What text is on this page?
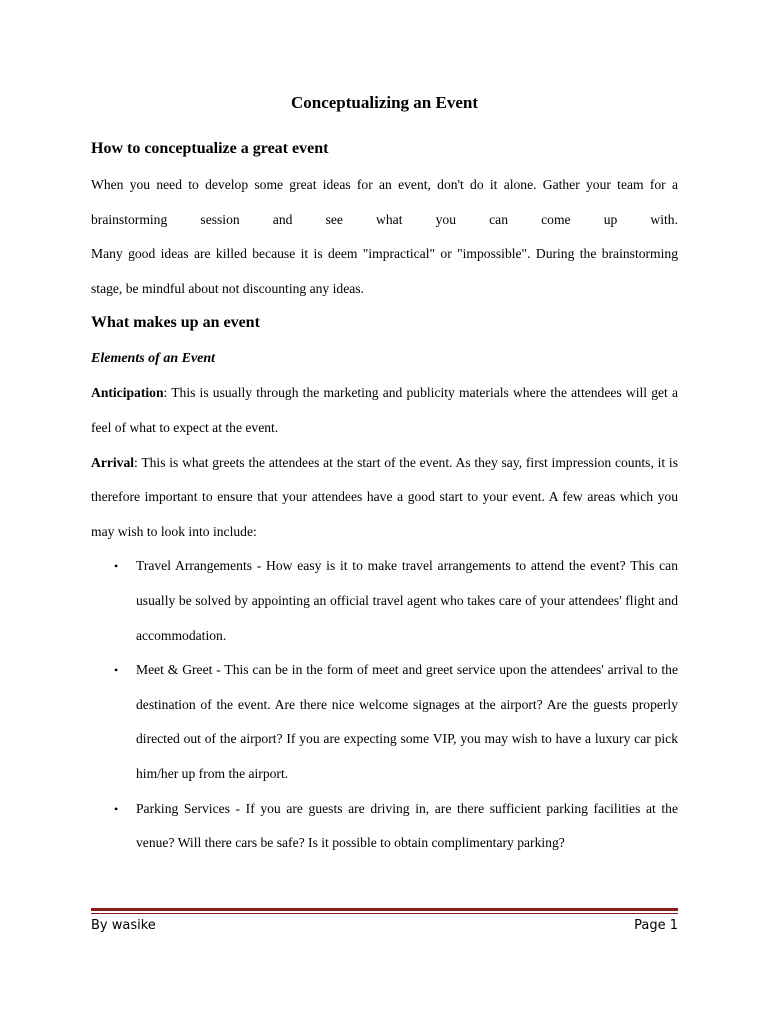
Conceptualizing an Event
How to conceptualize a great event

When you need to develop some great ideas for an event, don't do it alone. Gather your team for a
brainstorming session and see what you can come up with.
Many good ideas are killed because it is deem "impractical" or "impossible". During the brainstorming stage, be mindful about not discounting any ideas.

What makes up an event
Elements of an Event

Anticipation: This is usually through the marketing and publicity materials where the attendees will get a feel of what to expect at the event.

Arrival: This is what greets the attendees at the start of the event. As they say, first impression counts, it is therefore important to ensure that your attendees have a good start to your event. A few areas which you may wish to look into include:

• Travel Arrangements - How easy is it to make travel arrangements to attend the event? This can usually be solved by appointing an official travel agent who takes care of your attendees' flight and accommodation.
• Meet & Greet - This can be in the form of meet and greet service upon the attendees' arrival to the destination of the event. Are there nice welcome signages at the airport? Are the guests properly directed out of the airport? If you are expecting some VIP, you may wish to have a luxury car pick him/her up from the airport.
• Parking Services - If you are guests are driving in, are there sufficient parking facilities at the venue? Will there cars be safe? Is it possible to obtain complimentary parking?
By wasike	Page 1
